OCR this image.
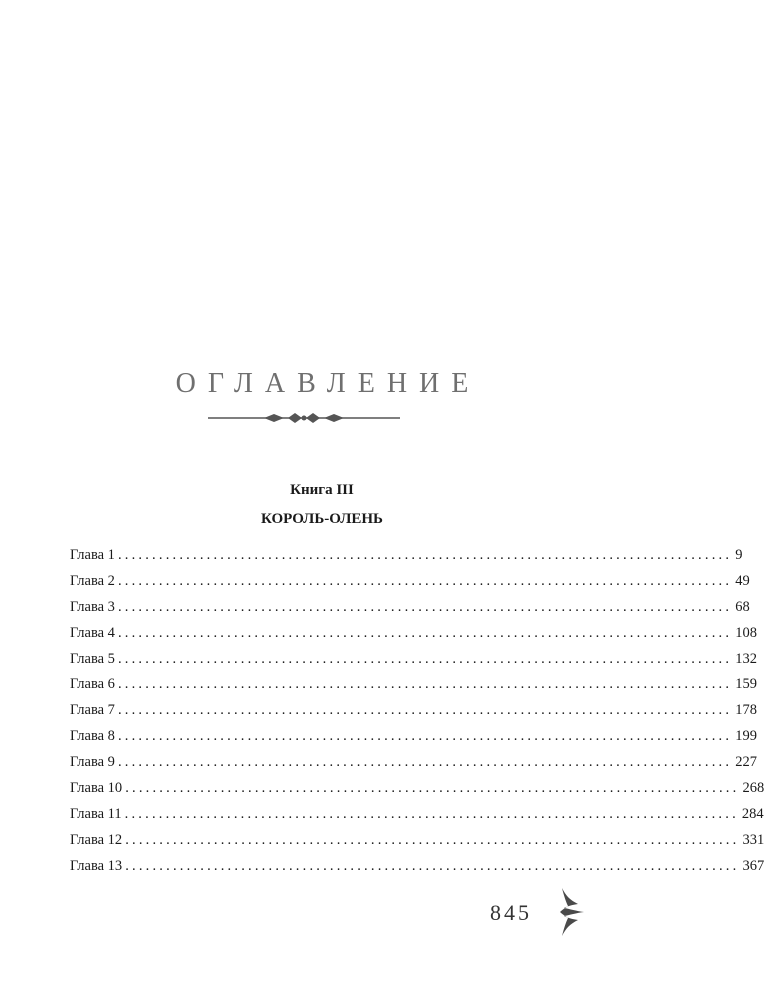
ОГЛАВЛЕНИЕ
Книга III
КОРОЛЬ-ОЛЕНЬ
Глава 1 .......................................................................................... 9
Глава 2 .......................................................................................... 49
Глава 3 .......................................................................................... 68
Глава 4 .......................................................................................... 108
Глава 5 .......................................................................................... 132
Глава 6 .......................................................................................... 159
Глава 7 .......................................................................................... 178
Глава 8 .......................................................................................... 199
Глава 9 .......................................................................................... 227
Глава 10 .......................................................................................... 268
Глава 11 .......................................................................................... 284
Глава 12 .......................................................................................... 331
Глава 13 .......................................................................................... 367
845
